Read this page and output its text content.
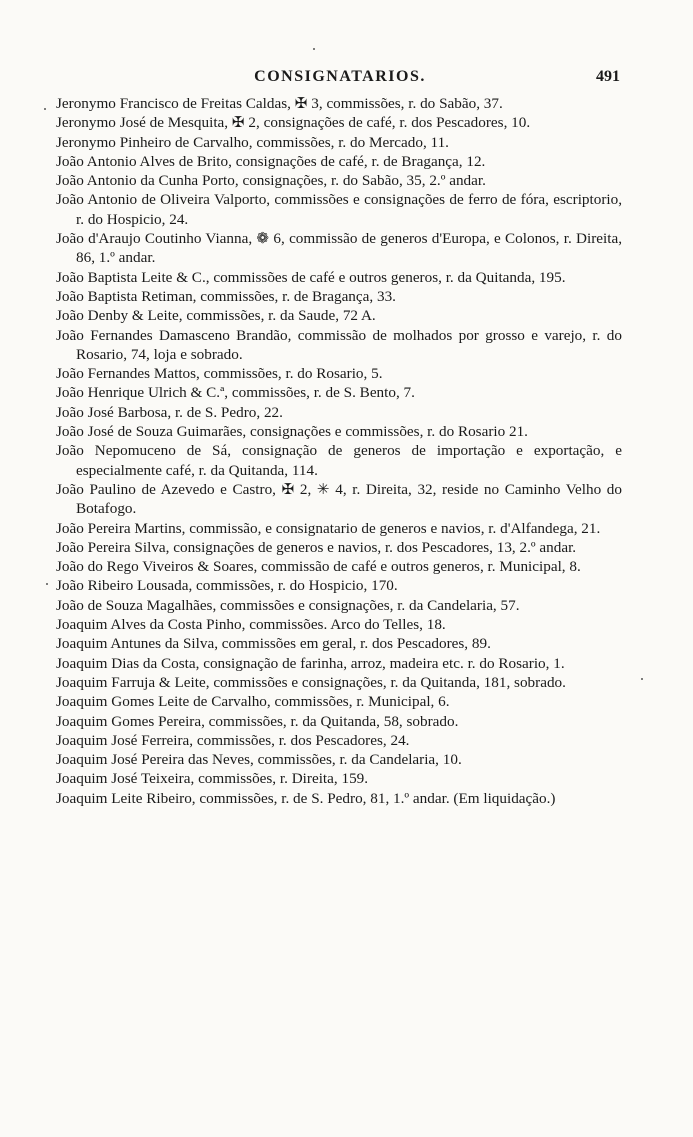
CONSIGNATARIOS.	491

Jeronymo Francisco de Freitas Caldas, ✠ 3, commissões, r. do Sabão, 37.

Jeronymo José de Mesquita, ✠ 2, consignações de café, r. dos Pescadores, 10.

Jeronymo Pinheiro de Carvalho, commissões, r. do Mercado, 11.

João Antonio Alves de Brito, consignações de café, r. de Bragança, 12.

João Antonio da Cunha Porto, consignações, r. do Sabão, 35, 2.º andar.

João Antonio de Oliveira Valporto, commissões e consignações de ferro de fóra, escriptorio, r. do Hospicio, 24.

João d'Araujo Coutinho Vianna, ❁ 6, commissão de generos d'Europa, e Colonos, r. Direita, 86, 1.º andar.

João Baptista Leite & C., commissões de café e outros generos, r. da Quitanda, 195.

João Baptista Retiman, commissões, r. de Bragança, 33.

João Denby & Leite, commissões, r. da Saude, 72 A.

João Fernandes Damasceno Brandão, commissão de molhados por grosso e varejo, r. do Rosario, 74, loja e sobrado.

João Fernandes Mattos, commissões, r. do Rosario, 5.

João Henrique Ulrich & C.ª, commissões, r. de S. Bento, 7.

João José Barbosa, r. de S. Pedro, 22.

João José de Souza Guimarães, consignações e commissões, r. do Rosario 21.

João Nepomuceno de Sá, consignação de generos de importação e exportação, e especialmente café, r. da Quitanda, 114.

João Paulino de Azevedo e Castro, ✠ 2, ✳ 4, r. Direita, 32, reside no Caminho Velho do Botafogo.

João Pereira Martins, commissão, e consignatario de generos e navios, r. d'Alfandega, 21.

João Pereira Silva, consignações de generos e navios, r. dos Pescadores, 13, 2.º andar.

João do Rego Viveiros & Soares, commissão de café e outros generos, r. Municipal, 8.

João Ribeiro Lousada, commissões, r. do Hospicio, 170.

João de Souza Magalhães, commissões e consignações, r. da Candelaria, 57.

Joaquim Alves da Costa Pinho, commissões. Arco do Telles, 18.

Joaquim Antunes da Silva, commissões em geral, r. dos Pescadores, 89.

Joaquim Dias da Costa, consignação de farinha, arroz, madeira etc. r. do Rosario, 1.

Joaquim Farruja & Leite, commissões e consignações, r. da Quitanda, 181, sobrado.

Joaquim Gomes Leite de Carvalho, commissões, r. Municipal, 6.

Joaquim Gomes Pereira, commissões, r. da Quitanda, 58, sobrado.

Joaquim José Ferreira, commissões, r. dos Pescadores, 24.

Joaquim José Pereira das Neves, commissões, r. da Candelaria, 10.

Joaquim José Teixeira, commissões, r. Direita, 159.

Joaquim Leite Ribeiro, commissões, r. de S. Pedro, 81, 1.º andar. (Em liquidação.)
